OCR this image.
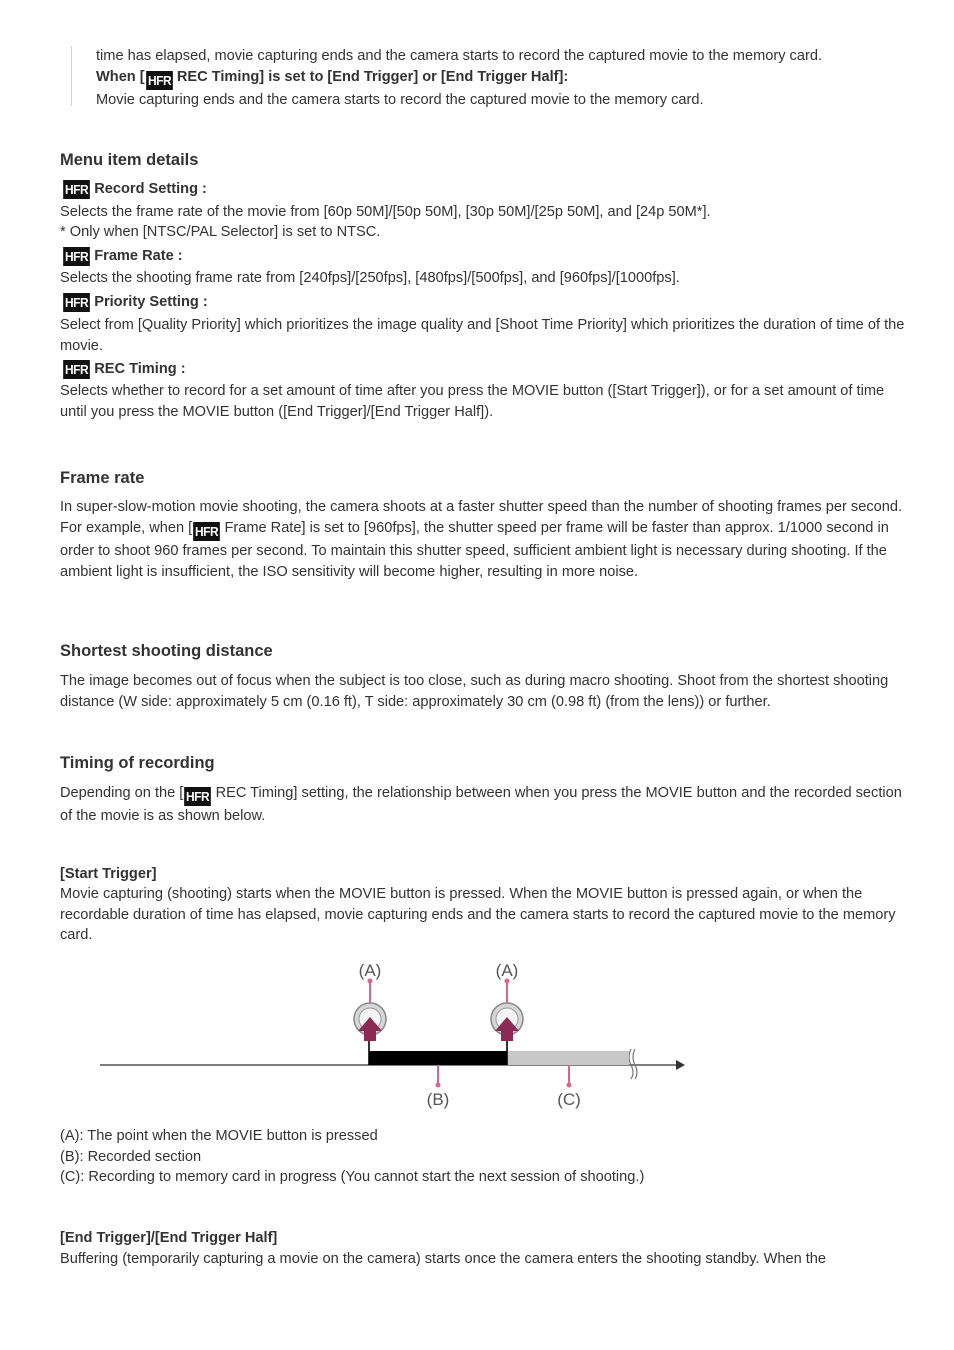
time has elapsed, movie capturing ends and the camera starts to record the captured movie to the memory card.
When [ HFR REC Timing] is set to [End Trigger] or [End Trigger Half]:
Movie capturing ends and the camera starts to record the captured movie to the memory card.
Menu item details
HFR Record Setting :

Selects the frame rate of the movie from [60p 50M]/[50p 50M], [30p 50M]/[25p 50M], and [24p 50M*].

* Only when [NTSC/PAL Selector] is set to NTSC.

HFR Frame Rate :

Selects the shooting frame rate from [240fps]/[250fps], [480fps]/[500fps], and [960fps]/[1000fps].

HFR Priority Setting :

Select from [Quality Priority] which prioritizes the image quality and [Shoot Time Priority] which prioritizes the duration of time of the movie.

HFR REC Timing :

Selects whether to record for a set amount of time after you press the MOVIE button ([Start Trigger]), or for a set amount of time until you press the MOVIE button ([End Trigger]/[End Trigger Half]).

Frame rate

In super-slow-motion movie shooting, the camera shoots at a faster shutter speed than the number of shooting frames per second. For example, when [ HFR Frame Rate] is set to [960fps], the shutter speed per frame will be faster than approx. 1/1000 second in order to shoot 960 frames per second. To maintain this shutter speed, sufficient ambient light is necessary during shooting. If the ambient light is insufficient, the ISO sensitivity will become higher, resulting in more noise.

Shortest shooting distance

The image becomes out of focus when the subject is too close, such as during macro shooting. Shoot from the shortest shooting distance (W side: approximately 5 cm (0.16 ft), T side: approximately 30 cm (0.98 ft) (from the lens)) or further.

Timing of recording

Depending on the [ HFR REC Timing] setting, the relationship between when you press the MOVIE button and the recorded section of the movie is as shown below.

[Start Trigger]

Movie capturing (shooting) starts when the MOVIE button is pressed. When the MOVIE button is pressed again, or when the recordable duration of time has elapsed, movie capturing ends and the camera starts to record the captured movie to the memory card.

(A)	(A)
(B)	(C)
(A): The point when the MOVIE button is pressed
(B): Recorded section
(C): Recording to memory card in progress (You cannot start the next session of shooting.)
[End Trigger]/[End Trigger Half]

Buffering (temporarily capturing a movie on the camera) starts once the camera enters the shooting standby. When the
